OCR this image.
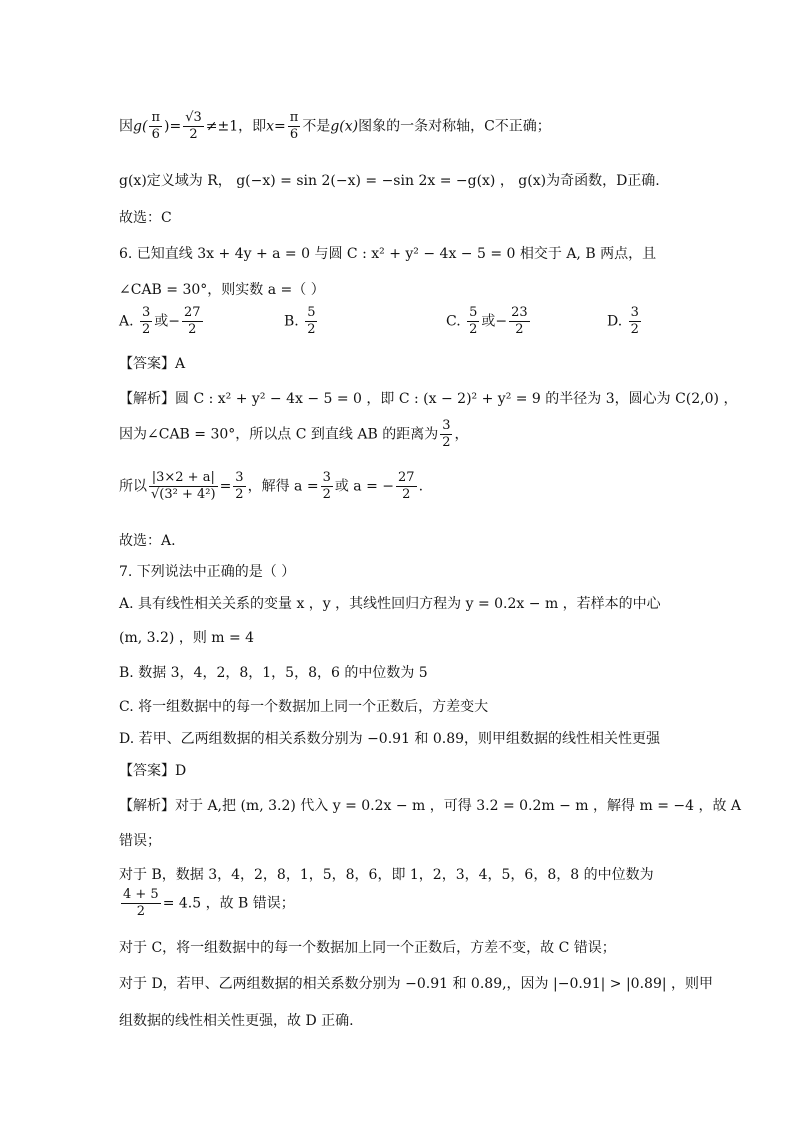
因$g( \frac{\pi}{6}$ )= $\frac{√3}{2} \ne\pm 1$，即$x= \frac{\pi}{6}$ 不是g(x)图象的一条对称轴，C不正确；
g(x)定义域为 R， g(−x) = sin 2(−x) = −sin 2x = −g(x) ， g(x)为奇函数，D正确.
故选：C
6. 已知直线 3x + 4y + a = 0 与圆 C : x² + y² − 4x − 5 = 0 相交于 A, B 两点，且
∠CAB = 30°，则实数 a =（ ）
A. $\frac{3}{2}$ 或− $\frac{27}{2}$	B. $\frac{5}{2}$	C. $\frac{5}{2}$ 或− $\frac{23}{2}$	D. $\frac{3}{2}$
【答案】A
【解析】圆 C : x² + y² − 4x − 5 = 0 ，即 C : (x − 2)² + y² = 9 的半径为 3，圆心为 C(2,0) ，
因为∠CAB = 30°，所以点 C 到直线 AB 的距离为 $\frac{3}{2}$ ，
所以 $\frac{|3\times 2 + a|}{\text{√(3² + 4²)}} = \frac{3}{2}$ ，解得 $a = \frac{3}{2}$ 或 a = − $\frac{27}{2}$ .
故选：A.
7. 下列说法中正确的是（ ）
A. 具有线性相关关系的变量 x ，y ，其线性回归方程为 y = 0.2x − m ，若样本的中心
(m, 3.2) ，则 m = 4
B. 数据 3，4，2，8，1，5，8，6 的中位数为 5
C. 将一组数据中的每一个数据加上同一个正数后，方差变大
D. 若甲、乙两组数据的相关系数分别为 −0.91 和 0.89，则甲组数据的线性相关性更强
【答案】D
【解析】对于 A,把 (m, 3.2) 代入 y = 0.2x − m ，可得 3.2 = 0.2m − m ，解得 m = −4 ，故 A
错误；
对于 B，数据 3，4，2，8，1，5，8，6，即 1，2，3，4，5，6，8，8 的中位数为
$\frac{4 + 5}{2} = 4.5$ ，故 B 错误；
对于 C，将一组数据中的每一个数据加上同一个正数后，方差不变，故 C 错误；
对于 D，若甲、乙两组数据的相关系数分别为 −0.91 和 0.89,，因为 |−0.91| > |0.89| ，则甲
组数据的线性相关性更强，故 D 正确.
